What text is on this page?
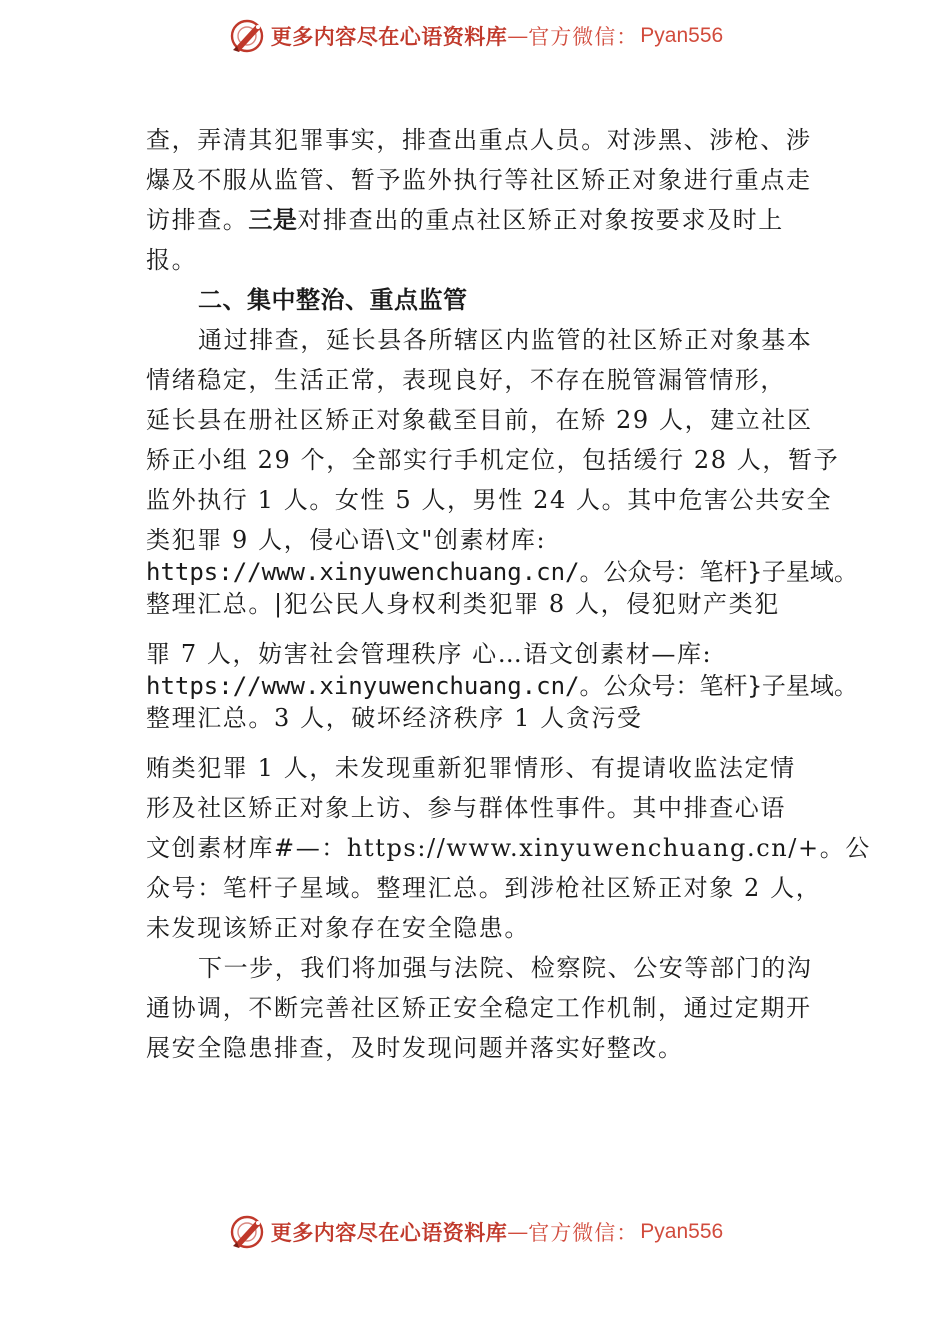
更多内容尽在心语资料库 — 官方微信： Pyan556
查，弄清其犯罪事实，排查出重点人员。对涉黑、涉枪、涉
爆及不服从监管、暂予监外执行等社区矫正对象进行重点走
访排查。三是对排查出的重点社区矫正对象按要求及时上
报。
二、集中整治、重点监管
通过排查，延长县各所辖区内监管的社区矫正对象基本
情绪稳定，生活正常，表现良好，不存在脱管漏管情形，
延长县在册社区矫正对象截至目前，在矫 29 人，建立社区
矫正小组 29 个，全部实行手机定位，包括缓行 28 人，暂予
监外执行 1 人。女性 5 人，男性 24 人。其中危害公共安全
类犯罪 9 人，侵心语\文"创素材库:
https://www.xinyuwenchuang.cn/。公众号：笔杆}子星域。
整理汇总。|犯公民人身权利类犯罪 8 人，侵犯财产类犯
罪 7 人，妨害社会管理秩序 心…语文创素材—库:
https://www.xinyuwenchuang.cn/。公众号：笔杆}子星域。
整理汇总。3 人，破坏经济秩序 1 人贪污受
贿类犯罪 1 人，未发现重新犯罪情形、有提请收监法定情
形及社区矫正对象上访、参与群体性事件。其中排查心语
文创素材库#—：https://www.xinyuwenchuang.cn/+。公
众号：笔杆子星域。整理汇总。到涉枪社区矫正对象 2 人，
未发现该矫正对象存在安全隐患。
下一步，我们将加强与法院、检察院、公安等部门的沟
通协调，不断完善社区矫正安全稳定工作机制，通过定期开
展安全隐患排查，及时发现问题并落实好整改。
更多内容尽在心语资料库 — 官方微信： Pyan556
